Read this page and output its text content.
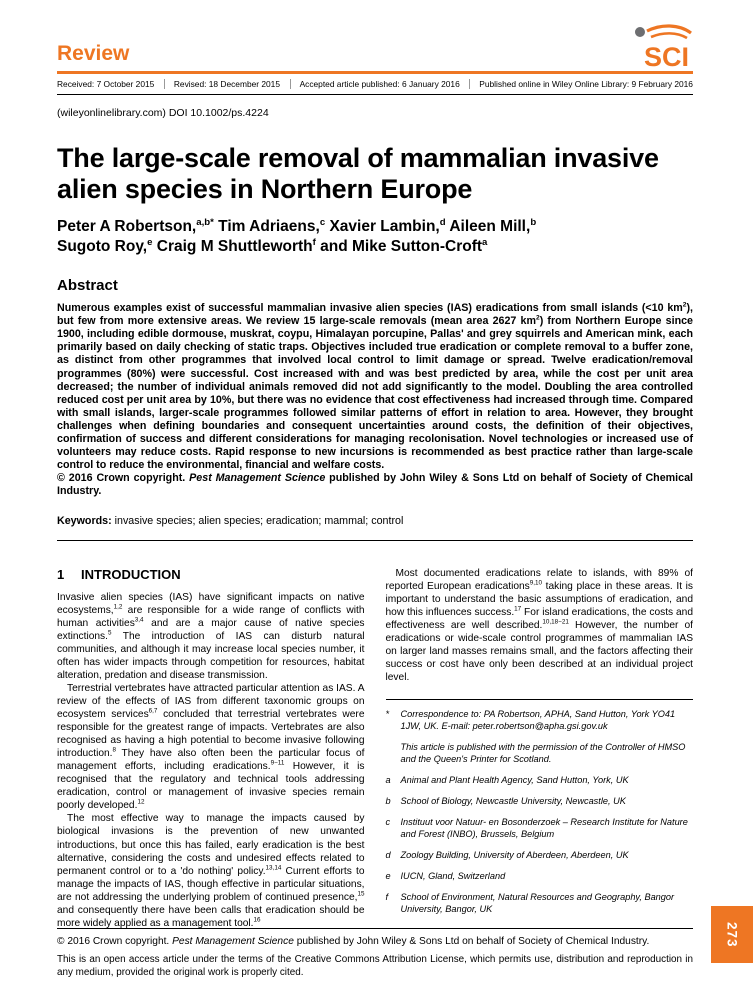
Review	SCI
Received: 7 October 2015	Revised: 18 December 2015	Accepted article published: 6 January 2016	Published online in Wiley Online Library: 9 February 2016
(wileyonlinelibrary.com) DOI 10.1002/ps.4224
The large-scale removal of mammalian invasive alien species in Northern Europe
Peter A Robertson,$^{a,b*}$ Tim Adriaens,$^c$ Xavier Lambin,$^d$ Aileen Mill,$^b$
Sugoto Roy,$^e$ Craig M Shuttleworth$^f$ and Mike Sutton-Croft$^a$
Abstract

Numerous examples exist of successful mammalian invasive alien species (IAS) eradications from small islands (<10 $km^2$), but few from more extensive areas. We review 15 large-scale removals (mean area 2627 $km^2$) from Northern Europe since 1900, including edible dormouse, muskrat, coypu, Himalayan porcupine, Pallas' and grey squirrels and American mink, each primarily based on daily checking of static traps. Objectives included true eradication or complete removal to a buffer zone, as distinct from other programmes that involved local control to limit damage or spread. Twelve eradication/removal programmes (80%) were successful. Cost increased with and was best predicted by area, while the cost per unit area decreased; the number of individual animals removed did not add significantly to the model. Doubling the area controlled reduced cost per unit area by 10%, but there was no evidence that cost effectiveness had increased through time. Compared with small islands, larger-scale programmes followed similar patterns of effort in relation to area. However, they brought challenges when defining boundaries and consequent uncertainties around costs, the definition of their objectives, confirmation of success and different considerations for managing recolonisation. Novel technologies or increased use of volunteers may reduce costs. Rapid response to new incursions is recommended as best practice rather than large-scale control to reduce the environmental, financial and welfare costs.

© 2016 Crown copyright. Pest Management Science published by John Wiley & Sons Ltd on behalf of Society of Chemical Industry.

Keywords: invasive species; alien species; eradication; mammal; control

1 INTRODUCTION

Invasive alien species (IAS) have significant impacts on native ecosystems,$^{1,2}$ are responsible for a wide range of conflicts with human activities$^{3,4}$ and are a major cause of native species extinctions.$^5$ The introduction of IAS can disturb natural communities, and although it may increase local species number, it often has wider impacts through competition for resources, habitat alteration, predation and disease transmission.

Terrestrial vertebrates have attracted particular attention as IAS. A review of the effects of IAS from different taxonomic groups on ecosystem services$^{6,7}$ concluded that terrestrial vertebrates were responsible for the greatest range of impacts. Vertebrates are also recognised as having a high potential to become invasive following introduction.$^8$ They have also often been the particular focus of management efforts, including eradications.$^{9-11}$ However, it is recognised that the regulatory and technical tools addressing eradication, control or management of invasive species remain poorly developed.$^{12}$

The most effective way to manage the impacts caused by biological invasions is the prevention of new unwanted introductions, but once this has failed, early eradication is the best alternative, considering the costs and undesired effects related to permanent control or to a 'do nothing' policy.$^{13,14}$ Current efforts to manage the impacts of IAS, though effective in particular situations, are not addressing the underlying problem of continued presence,$^{15}$ and consequently there have been calls that eradication should be more widely applied as a management tool.$^{16}$

Most documented eradications relate to islands, with 89% of reported European eradications$^{9,10}$ taking place in these areas. It is important to understand the basic assumptions of eradication, and how this influences success.$^{17}$ For island eradications, the costs and effectiveness are well described.$^{10,18-21}$ However, the number of eradications or wide-scale control programmes of mammalian IAS on larger land masses remains small, and the factors affecting their success or cost have only been described at an individual project level.

*	Correspondence to: PA Robertson, APHA, Sand Hutton, York YO41 1JW, UK. E-mail: peter.robertson@apha.gsi.gov.uk
This article is published with the permission of the Controller of HMSO and the Queen's Printer for Scotland.
a	Animal and Plant Health Agency, Sand Hutton, York, UK
b	School of Biology, Newcastle University, Newcastle, UK
c	Instituut voor Natuur- en Bosonderzoek – Research Institute for Nature and Forest (INBO), Brussels, Belgium
d	Zoology Building, University of Aberdeen, Aberdeen, UK
e	IUCN, Gland, Switzerland
f	School of Environment, Natural Resources and Geography, Bangor University, Bangor, UK

© 2016 Crown copyright. Pest Management Science published by John Wiley & Sons Ltd on behalf of Society of Chemical Industry.

This is an open access article under the terms of the Creative Commons Attribution License, which permits use, distribution and reproduction in any medium, provided the original work is properly cited.

273
